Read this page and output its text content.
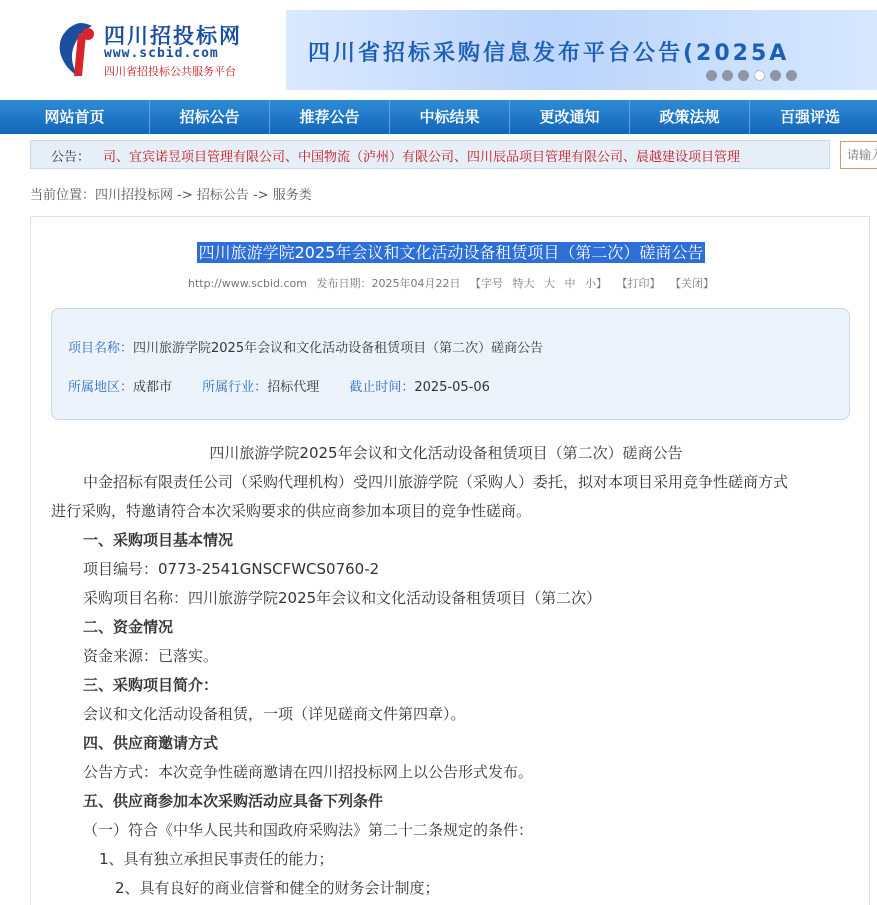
四川招投标网
www.scbid.com
四川省招投标公共服务平台
四川省招标采购信息发布平台公告(2025A
网站首页	招标公告	推荐公告	中标结果	更改通知	政策法规	百强评选
公告： 司、宜宾诺昱项目管理有限公司、中国物流（泸州）有限公司、四川辰品项目管理有限公司、晨越建设项目管理
请输入
当前位置：四川招投标网 -> 招标公告 -> 服务类
四川旅游学院2025年会议和文化活动设备租赁项目（第二次）磋商公告
http://www.scbid.com 发布日期：2025年04月22日 【字号 特大 大 中 小】 【打印】 【关闭】
项目名称：四川旅游学院2025年会议和文化活动设备租赁项目（第二次）磋商公告
所属地区：成都市 所属行业：招标代理 截止时间：2025-05-06

四川旅游学院2025年会议和文化活动设备租赁项目（第二次）磋商公告

中金招标有限责任公司（采购代理机构）受四川旅游学院（采购人）委托，拟对本项目采用竞争性磋商方式

进行采购，特邀请符合本次采购要求的供应商参加本项目的竞争性磋商。

一、采购项目基本情况

项目编号：0773-2541GNSCFWCS0760-2

采购项目名称：四川旅游学院2025年会议和文化活动设备租赁项目（第二次）

二、资金情况

资金来源：已落实。

三、采购项目简介：

会议和文化活动设备租赁，一项（详见磋商文件第四章）。

四、供应商邀请方式

公告方式：本次竞争性磋商邀请在四川招投标网上以公告形式发布。

五、供应商参加本次采购活动应具备下列条件

（一）符合《中华人民共和国政府采购法》第二十二条规定的条件：

1、具有独立承担民事责任的能力；

2、具有良好的商业信誉和健全的财务会计制度；
